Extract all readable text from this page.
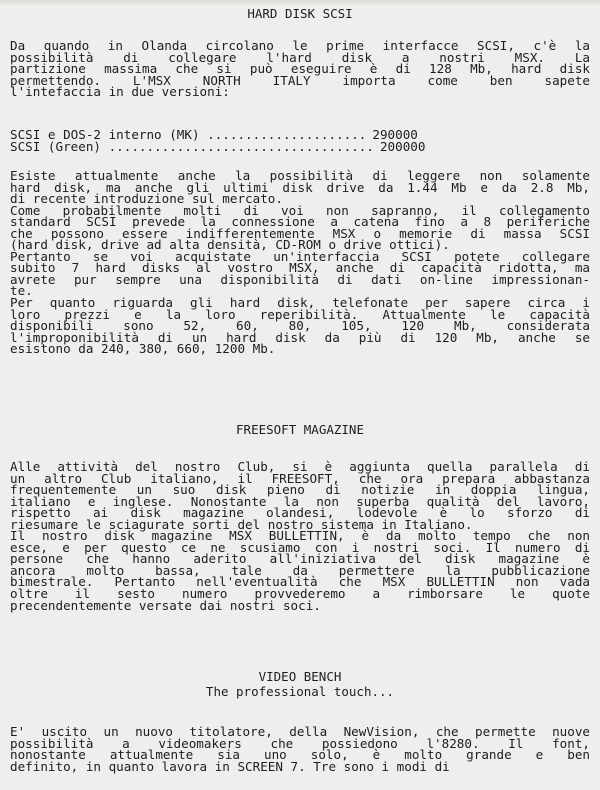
HARD DISK SCSI
Da quando in Olanda circolano le prime interfacce SCSI, c'è la
possibilità di collegare l'hard disk a nostri MSX. La
partizione massima che si può eseguire è di 128 Mb, hard disk
permettendo. L'MSX NORTH ITALY importa come ben sapete
l'intefaccia in due versioni:
SCSI e DOS-2 interno (MK) ..................... 290000
SCSI (Green) ................................... 200000
Esiste attualmente anche la possibilità di leggere non solamente
hard disk, ma anche gli ultimi disk drive da 1.44 Mb e da 2.8 Mb,
di recente introduzione sul mercato.
Come probabilmente molti di voi non sapranno, il collegamento
standard SCSI prevede la connessione a catena fino a 8 periferiche
che possono essere indifferentemente MSX o memorie di massa SCSI
(hard disk, drive ad alta densità, CD-ROM o drive ottici).
Pertanto se voi acquistate un'interfaccia SCSI potete collegare
subito 7 hard disks al vostro MSX, anche di capacità ridotta, ma
avrete pur sempre una disponibilità di dati on-line impressionan-
te.
Per quanto riguarda gli hard disk, telefonate per sapere circa i
loro prezzi e la loro reperibilità. Attualmente le capacità
disponibili sono 52, 60, 80, 105, 120 Mb, considerata
l'improponibilità di un hard disk da più di 120 Mb, anche se
esistono da 240, 380, 660, 1200 Mb.
FREESOFT MAGAZINE
Alle attività del nostro Club, si è aggiunta quella parallela di
un altro Club italiano, il FREESOFT, che ora prepara abbastanza
frequentemente un suo disk pieno di notizie in doppia lingua,
italiano e inglese. Nonostante la non superba qualità del lavoro,
rispetto ai disk magazine olandesi, lodevole è lo sforzo di
riesumare le sciagurate sorti del nostro sistema in Italiano.
Il nostro disk magazine MSX BULLETTIN, è da molto tempo che non
esce, e per questo ce ne scusiamo con i nostri soci. Il numero di
persone che hanno aderito all'iniziativa del disk magazine è
ancora molto bassa, tale da permettere la pubblicazione
bimestrale. Pertanto nell'eventualità che MSX BULLETTIN non vada
oltre il sesto numero provvederemo a rimborsare le quote
precendentemente versate dai nostri soci.
VIDEO BENCH
The professional touch...
E' uscito un nuovo titolatore, della NewVision, che permette nuove
possibilità a videomakers che possiedono l'8280. Il font,
nonostante attualmente sia uno solo, è molto grande e ben
definito, in quanto lavora in SCREEN 7. Tre sono i modi di
